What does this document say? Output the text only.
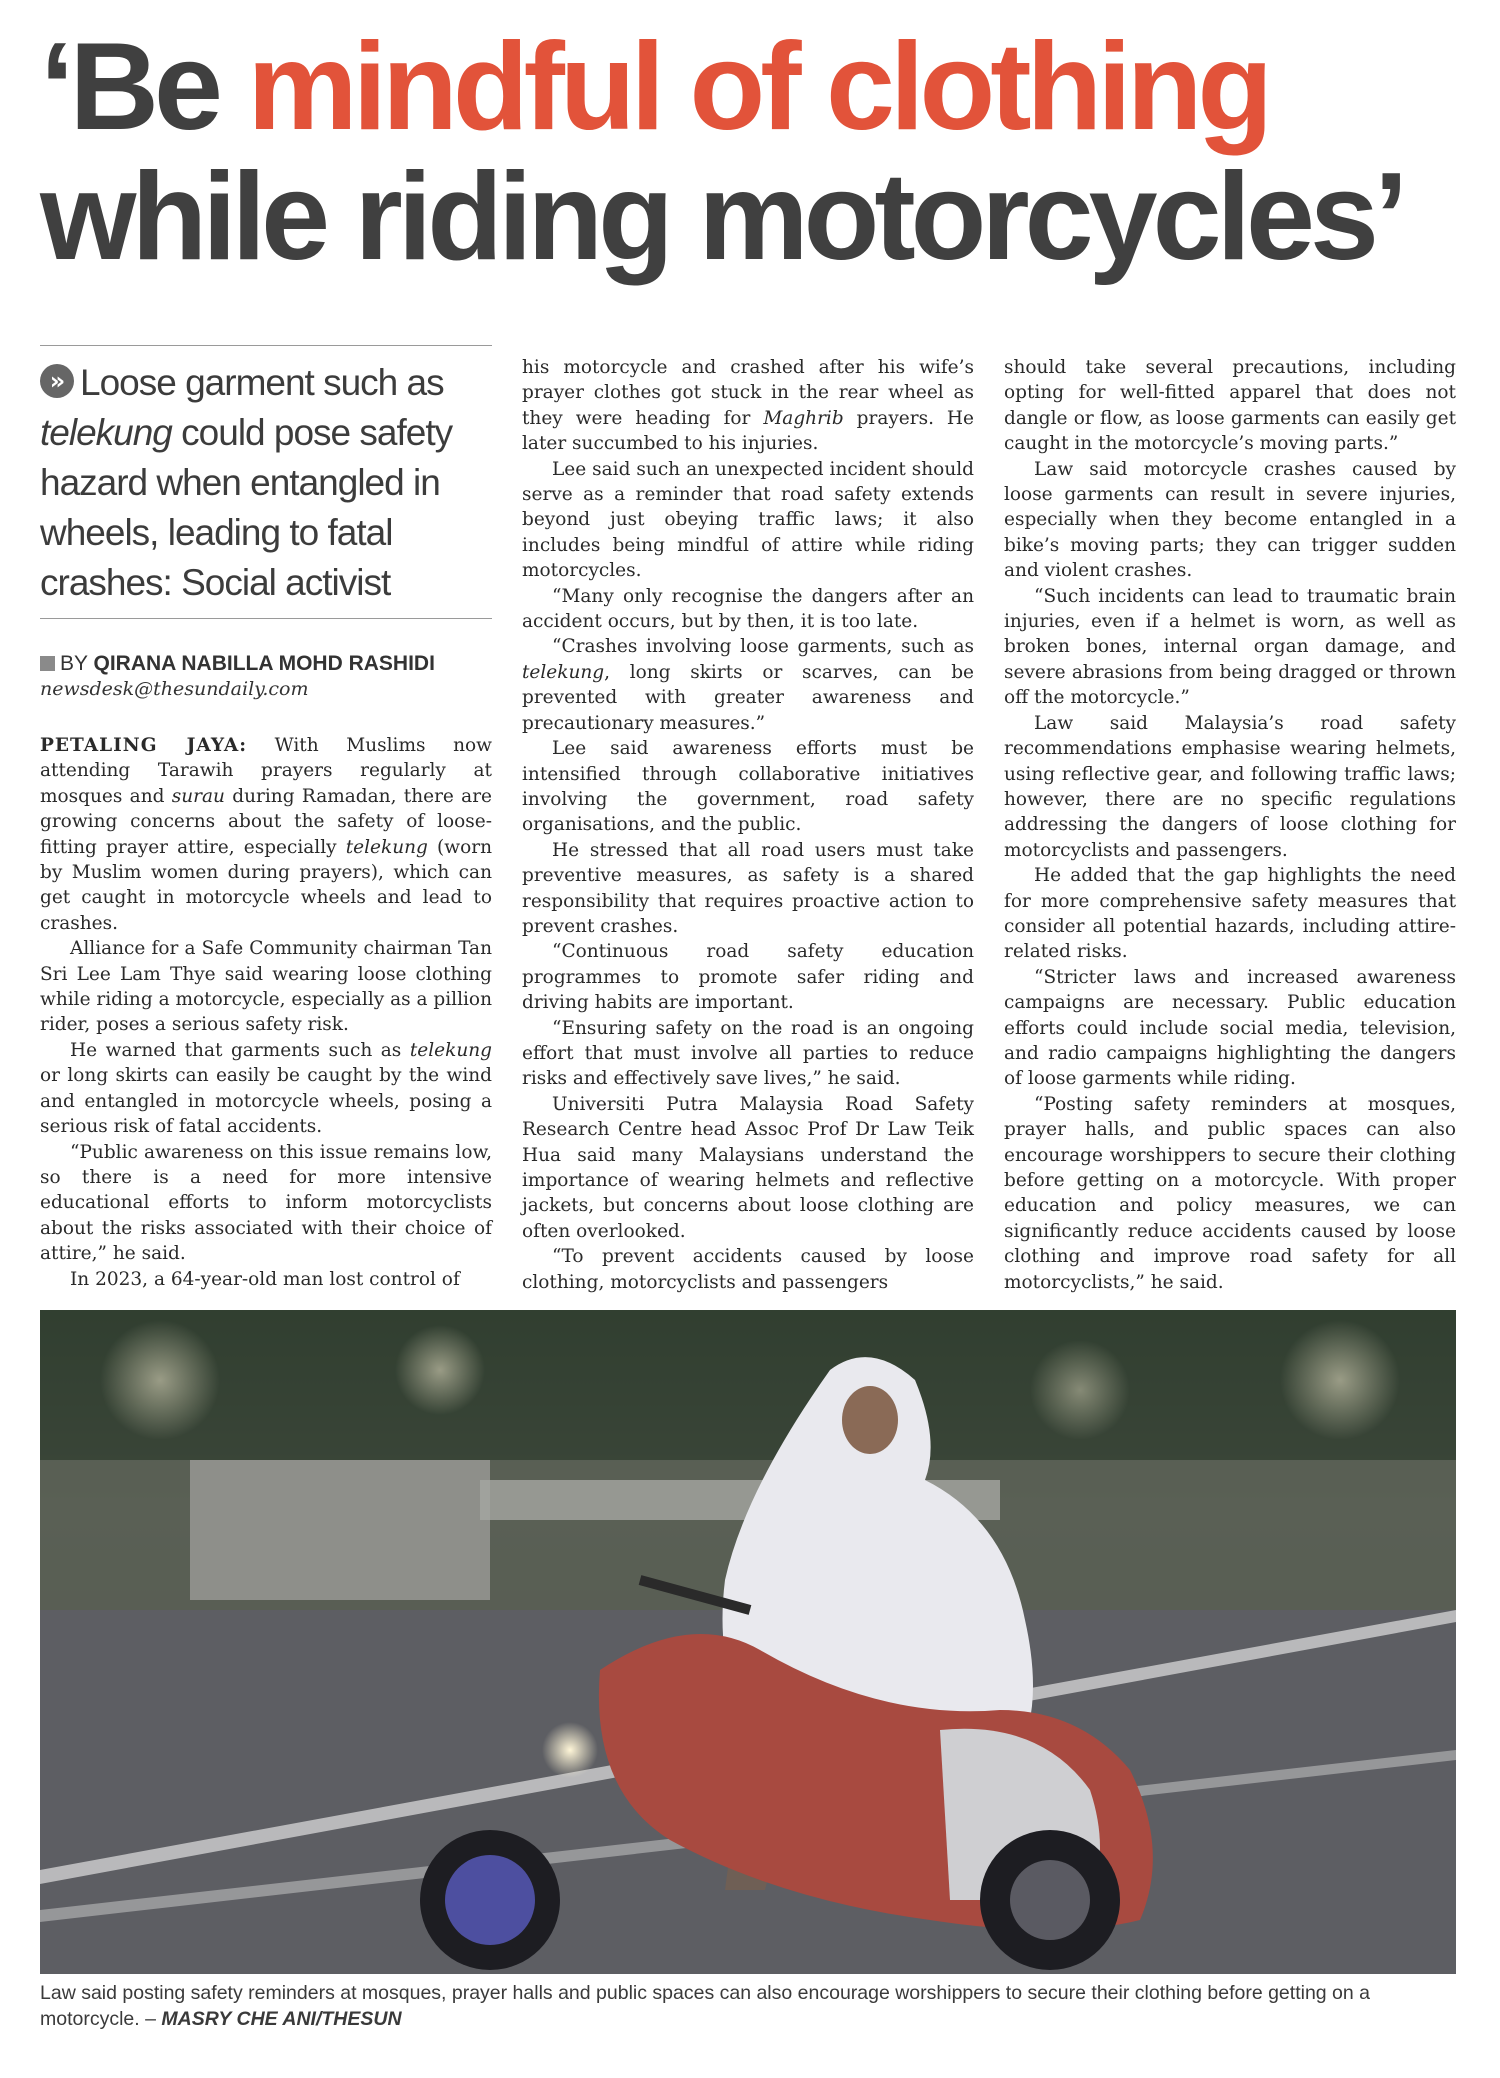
‘Be mindful of clothing
while riding motorcycles’
» Loose garment such as telekung could pose safety hazard when entangled in wheels, leading to fatal crashes: Social activist
BY QIRANA NABILLA MOHD RASHIDI
newsdesk@thesundaily.com

PETALING JAYA: With Muslims now attending Tarawih prayers regularly at mosques and surau during Ramadan, there are growing concerns about the safety of loose-fitting prayer attire, especially telekung (worn by Muslim women during prayers), which can get caught in motorcycle wheels and lead to crashes.

Alliance for a Safe Community chairman Tan Sri Lee Lam Thye said wearing loose clothing while riding a motorcycle, especially as a pillion rider, poses a serious safety risk.

He warned that garments such as telekung or long skirts can easily be caught by the wind and entangled in motorcycle wheels, posing a serious risk of fatal accidents.

“Public awareness on this issue remains low, so there is a need for more intensive educational efforts to inform motorcyclists about the risks associated with their choice of attire,” he said.

In 2023, a 64-year-old man lost control of

his motorcycle and crashed after his wife’s prayer clothes got stuck in the rear wheel as they were heading for Maghrib prayers. He later succumbed to his injuries.

Lee said such an unexpected incident should serve as a reminder that road safety extends beyond just obeying traffic laws; it also includes being mindful of attire while riding motorcycles.

“Many only recognise the dangers after an accident occurs, but by then, it is too late.

“Crashes involving loose garments, such as telekung, long skirts or scarves, can be prevented with greater awareness and precautionary measures.”

Lee said awareness efforts must be intensified through collaborative initiatives involving the government, road safety organisations, and the public.

He stressed that all road users must take preventive measures, as safety is a shared responsibility that requires proactive action to prevent crashes.

“Continuous road safety education programmes to promote safer riding and driving habits are important.

“Ensuring safety on the road is an ongoing effort that must involve all parties to reduce risks and effectively save lives,” he said.

Universiti Putra Malaysia Road Safety Research Centre head Assoc Prof Dr Law Teik Hua said many Malaysians understand the importance of wearing helmets and reflective jackets, but concerns about loose clothing are often overlooked.

“To prevent accidents caused by loose clothing, motorcyclists and passengers

should take several precautions, including opting for well-fitted apparel that does not dangle or flow, as loose garments can easily get caught in the motorcycle’s moving parts.”

Law said motorcycle crashes caused by loose garments can result in severe injuries, especially when they become entangled in a bike’s moving parts; they can trigger sudden and violent crashes.

“Such incidents can lead to traumatic brain injuries, even if a helmet is worn, as well as broken bones, internal organ damage, and severe abrasions from being dragged or thrown off the motorcycle.”

Law said Malaysia’s road safety recommendations emphasise wearing helmets, using reflective gear, and following traffic laws; however, there are no specific regulations addressing the dangers of loose clothing for motorcyclists and passengers.

He added that the gap highlights the need for more comprehensive safety measures that consider all potential hazards, including attire-related risks.

“Stricter laws and increased awareness campaigns are necessary. Public education efforts could include social media, television, and radio campaigns highlighting the dangers of loose garments while riding.

“Posting safety reminders at mosques, prayer halls, and public spaces can also encourage worshippers to secure their clothing before getting on a motorcycle. With proper education and policy measures, we can significantly reduce accidents caused by loose clothing and improve road safety for all motorcyclists,” he said.

Law said posting safety reminders at mosques, prayer halls and public spaces can also encourage worshippers to secure their clothing before getting on a motorcycle. – MASRY CHE ANI/THESUN
